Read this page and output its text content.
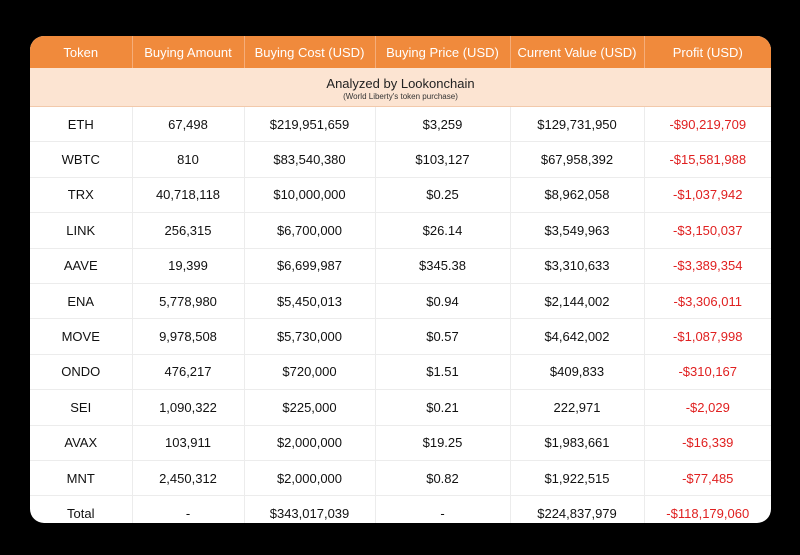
Token	Buying Amount	Buying Cost (USD)	Buying Price (USD)	Current Value (USD)	Profit (USD)

Analyzed by Lookonchain
(World Liberty's token purchase)					

ETH	67,498	$219,951,659	$3,259	$129,731,950	-$90,219,709
WBTC	810	$83,540,380	$103,127	$67,958,392	-$15,581,988
TRX	40,718,118	$10,000,000	$0.25	$8,962,058	-$1,037,942
LINK	256,315	$6,700,000	$26.14	$3,549,963	-$3,150,037
AAVE	19,399	$6,699,987	$345.38	$3,310,633	-$3,389,354
ENA	5,778,980	$5,450,013	$0.94	$2,144,002	-$3,306,011
MOVE	9,978,508	$5,730,000	$0.57	$4,642,002	-$1,087,998
ONDO	476,217	$720,000	$1.51	$409,833	-$310,167
SEI	1,090,322	$225,000	$0.21	222,971	-$2,029
AVAX	103,911	$2,000,000	$19.25	$1,983,661	-$16,339
MNT	2,450,312	$2,000,000	$0.82	$1,922,515	-$77,485
Total	-	$343,017,039	-	$224,837,979	-$118,179,060
